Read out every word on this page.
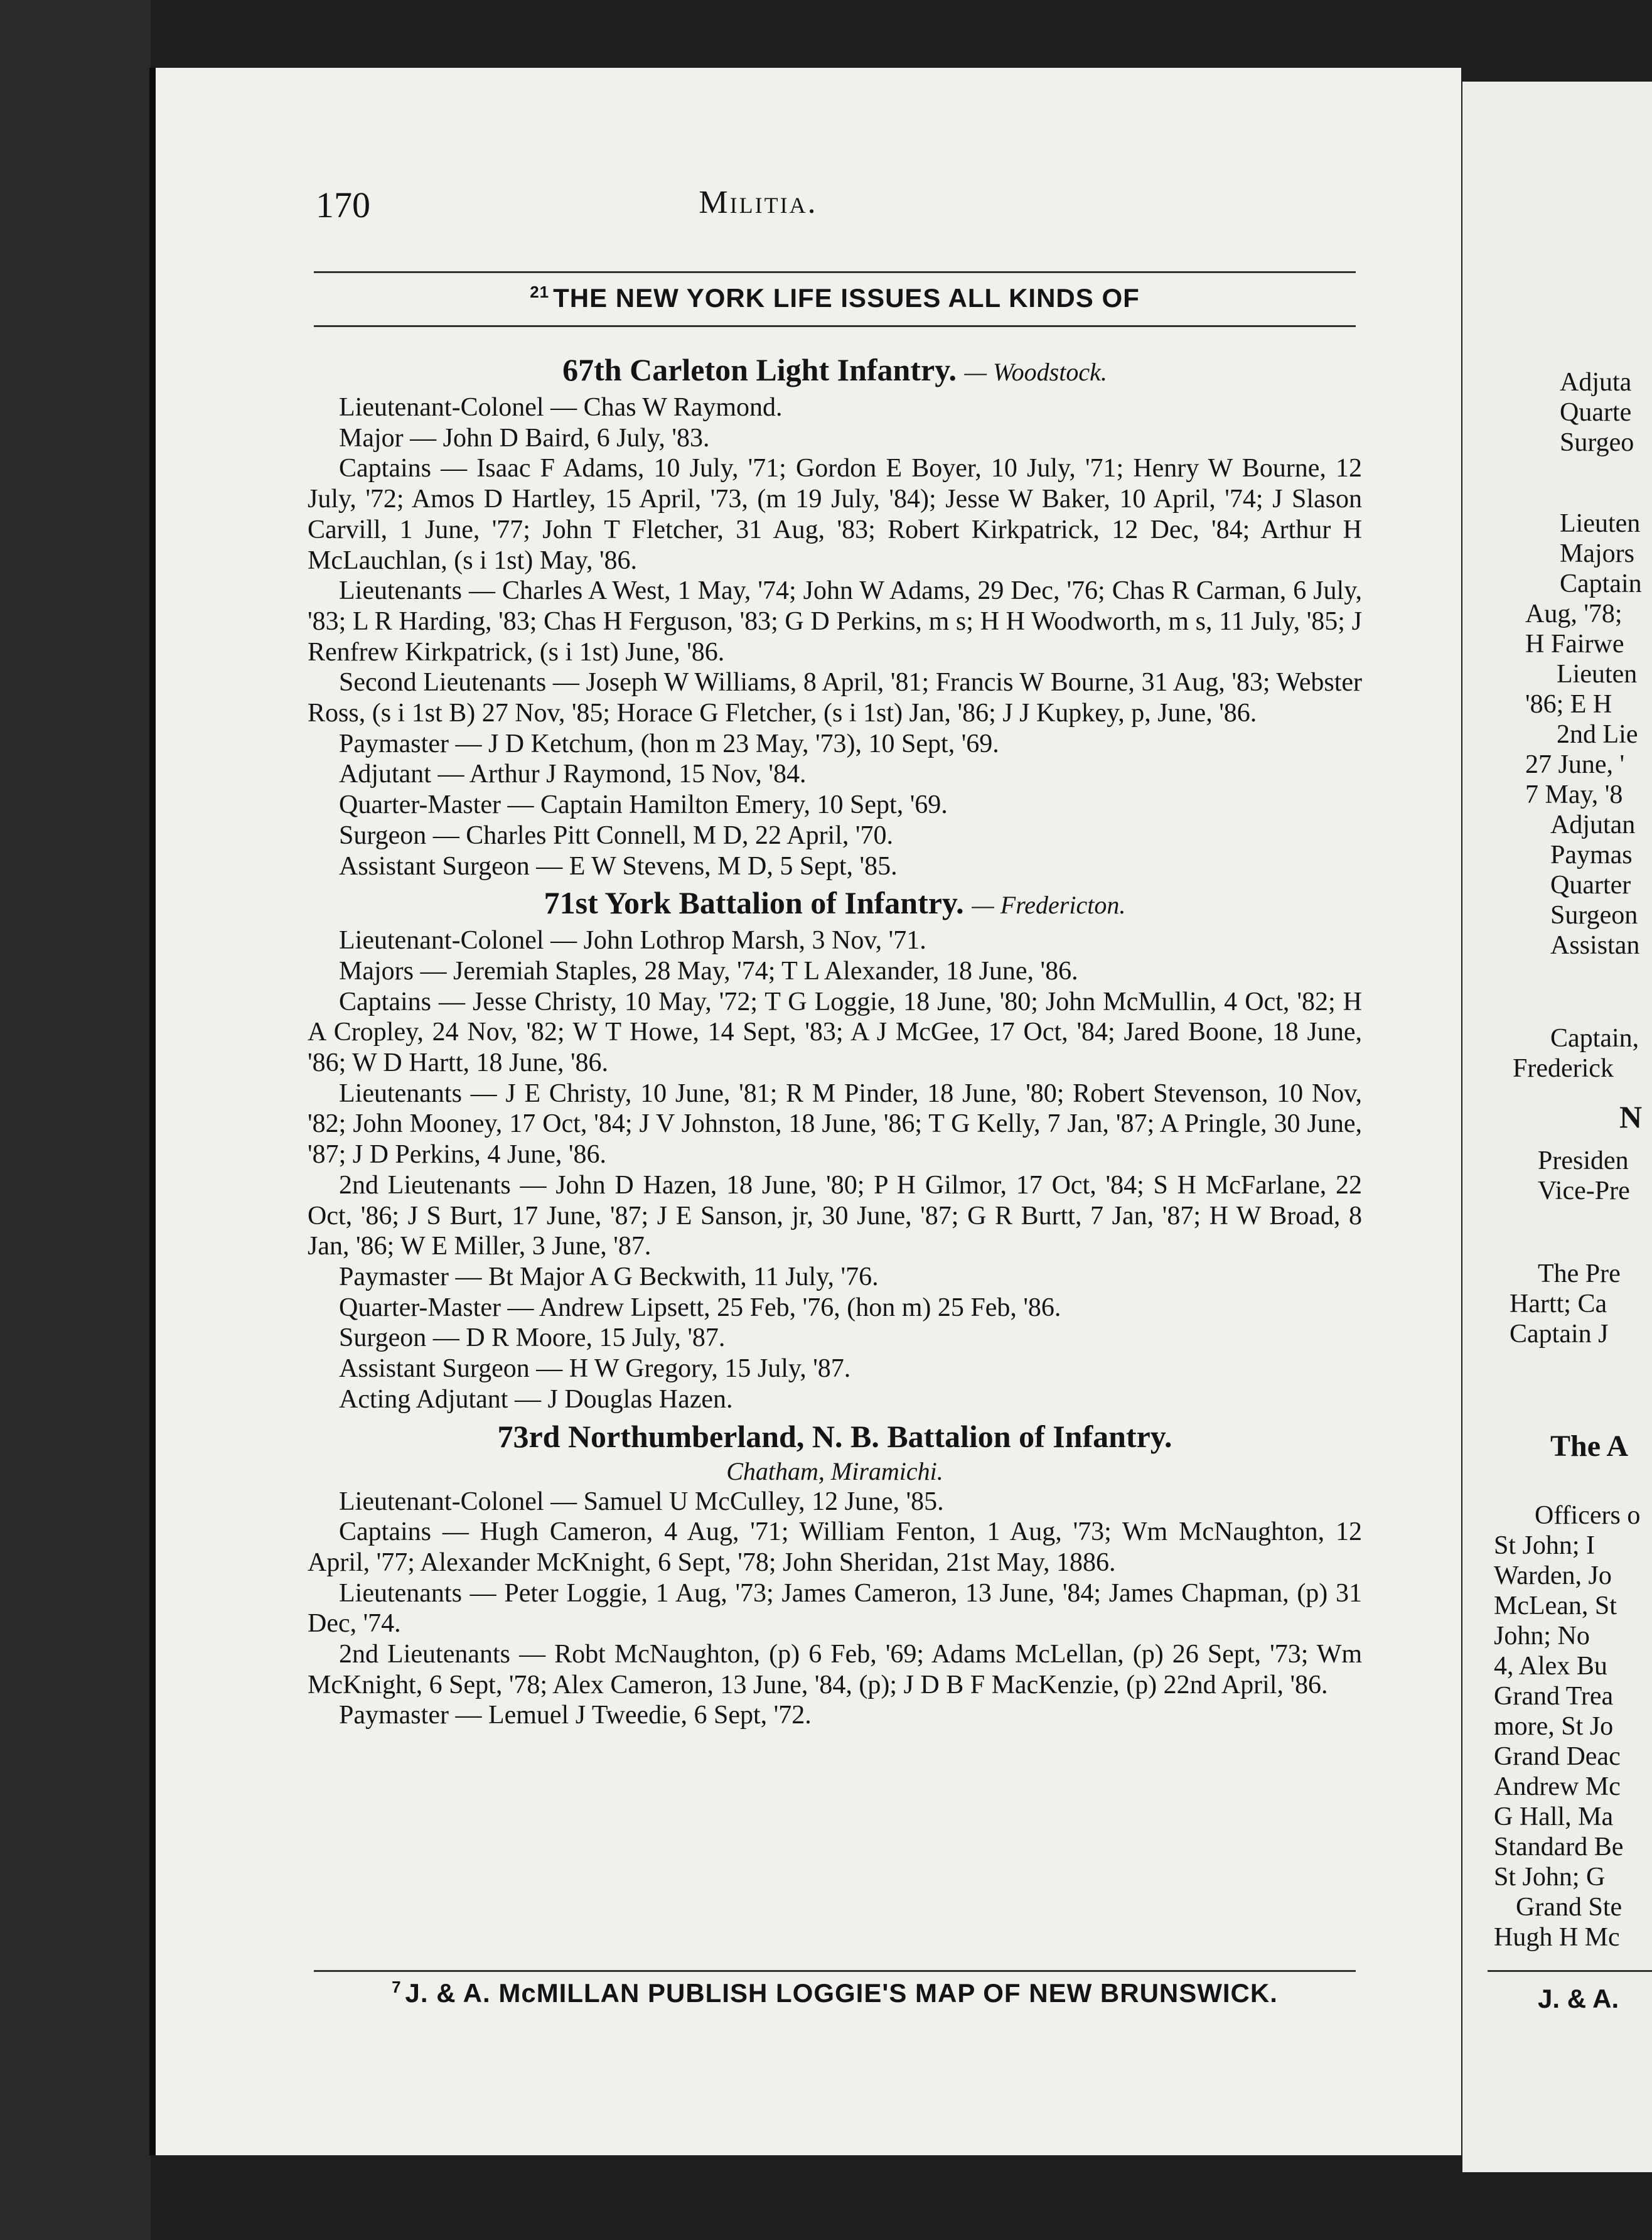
170	Militia.
$^{21}$ THE NEW YORK LIFE ISSUES ALL KINDS OF
67th Carleton Light Infantry. — Woodstock.

Lieutenant-Colonel — Chas W Raymond.

Major — John D Baird, 6 July, '83.

Captains — Isaac F Adams, 10 July, '71; Gordon E Boyer, 10 July, '71; Henry W Bourne, 12 July, '72; Amos D Hartley, 15 April, '73, (m 19 July, '84); Jesse W Baker, 10 April, '74; J Slason Carvill, 1 June, '77; John T Fletcher, 31 Aug, '83; Robert Kirkpatrick, 12 Dec, '84; Arthur H McLauchlan, (s i 1st) May, '86.

Lieutenants — Charles A West, 1 May, '74; John W Adams, 29 Dec, '76; Chas R Carman, 6 July, '83; L R Harding, '83; Chas H Ferguson, '83; G D Perkins, m s; H H Woodworth, m s, 11 July, '85; J Renfrew Kirkpatrick, (s i 1st) June, '86.

Second Lieutenants — Joseph W Williams, 8 April, '81; Francis W Bourne, 31 Aug, '83; Webster Ross, (s i 1st B) 27 Nov, '85; Horace G Fletcher, (s i 1st) Jan, '86; J J Kupkey, p, June, '86.

Paymaster — J D Ketchum, (hon m 23 May, '73), 10 Sept, '69.

Adjutant — Arthur J Raymond, 15 Nov, '84.

Quarter-Master — Captain Hamilton Emery, 10 Sept, '69.

Surgeon — Charles Pitt Connell, M D, 22 April, '70.

Assistant Surgeon — E W Stevens, M D, 5 Sept, '85.

71st York Battalion of Infantry. — Fredericton.

Lieutenant-Colonel — John Lothrop Marsh, 3 Nov, '71.

Majors — Jeremiah Staples, 28 May, '74; T L Alexander, 18 June, '86.

Captains — Jesse Christy, 10 May, '72; T G Loggie, 18 June, '80; John McMullin, 4 Oct, '82; H A Cropley, 24 Nov, '82; W T Howe, 14 Sept, '83; A J McGee, 17 Oct, '84; Jared Boone, 18 June, '86; W D Hartt, 18 June, '86.

Lieutenants — J E Christy, 10 June, '81; R M Pinder, 18 June, '80; Robert Stevenson, 10 Nov, '82; John Mooney, 17 Oct, '84; J V Johnston, 18 June, '86; T G Kelly, 7 Jan, '87; A Pringle, 30 June, '87; J D Perkins, 4 June, '86.

2nd Lieutenants — John D Hazen, 18 June, '80; P H Gilmor, 17 Oct, '84; S H McFarlane, 22 Oct, '86; J S Burt, 17 June, '87; J E Sanson, jr, 30 June, '87; G R Burtt, 7 Jan, '87; H W Broad, 8 Jan, '86; W E Miller, 3 June, '87.

Paymaster — Bt Major A G Beckwith, 11 July, '76.

Quarter-Master — Andrew Lipsett, 25 Feb, '76, (hon m) 25 Feb, '86.

Surgeon — D R Moore, 15 July, '87.

Assistant Surgeon — H W Gregory, 15 July, '87.

Acting Adjutant — J Douglas Hazen.

73rd Northumberland, N. B. Battalion of Infantry.
Chatham, Miramichi.

Lieutenant-Colonel — Samuel U McCulley, 12 June, '85.

Captains — Hugh Cameron, 4 Aug, '71; William Fenton, 1 Aug, '73; Wm McNaughton, 12 April, '77; Alexander McKnight, 6 Sept, '78; John Sheridan, 21st May, 1886.

Lieutenants — Peter Loggie, 1 Aug, '73; James Cameron, 13 June, '84; James Chapman, (p) 31 Dec, '74.

2nd Lieutenants — Robt McNaughton, (p) 6 Feb, '69; Adams McLellan, (p) 26 Sept, '73; Wm McKnight, 6 Sept, '78; Alex Cameron, 13 June, '84, (p); J D B F MacKenzie, (p) 22nd April, '86.

Paymaster — Lemuel J Tweedie, 6 Sept, '72.

$^7$ J. & A. McMILLAN PUBLISH LOGGIE'S MAP OF NEW BRUNSWICK.
Adjuta
Quarte
Surgeo
Lieuten
Majors
Captain
Aug, '78;
H Fairwe
Lieuten
'86; E H
2nd Lie
27 June, '
7 May, '8
Adjutan
Paymas
Quarter
Surgeon
Assistan
Captain,
Frederick
N
Presiden
Vice-Pre
The Pre
Hartt; Ca
Captain J
The A
Officers o
St John; I
Warden, Jo
McLean, St
John; No
4, Alex Bu
Grand Trea
more, St Jo
Grand Deac
Andrew Mc
G Hall, Ma
Standard Be
St John; G
Grand Ste
Hugh H Mc
J. & A.
